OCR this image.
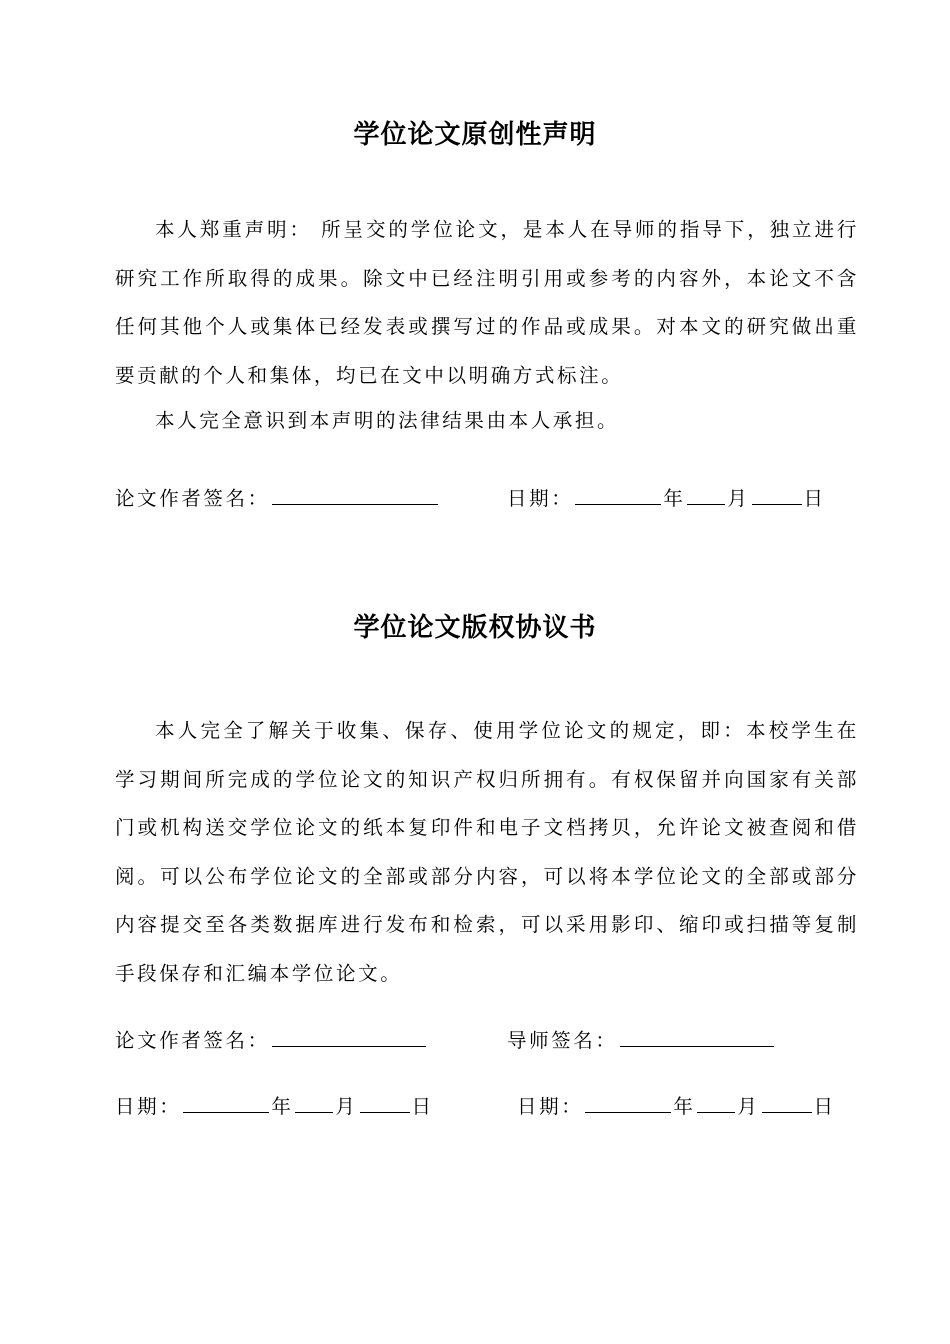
学位论文原创性声明

本人郑重声明： 所呈交的学位论文，是本人在导师的指导下，独立进行研究工作所取得的成果。除文中已经注明引用或参考的内容外，本论文不含任何其他个人或集体已经发表或撰写过的作品或成果。对本文的研究做出重要贡献的个人和集体，均已在文中以明确方式标注。

本人完全意识到本声明的法律结果由本人承担。

论文作者签名：	日期：	年 月	日
学位论文版权协议书

本人完全了解关于收集、保存、使用学位论文的规定，即：本校学生在学习期间所完成的学位论文的知识产权归所拥有。有权保留并向国家有关部门或机构送交学位论文的纸本复印件和电子文档拷贝，允许论文被查阅和借阅。可以公布学位论文的全部或部分内容，可以将本学位论文的全部或部分内容提交至各类数据库进行发布和检索，可以采用影印、缩印或扫描等复制手段保存和汇编本学位论文。

论文作者签名：	导师签名：
日期：	年 月	日	日期：	年 月	日
